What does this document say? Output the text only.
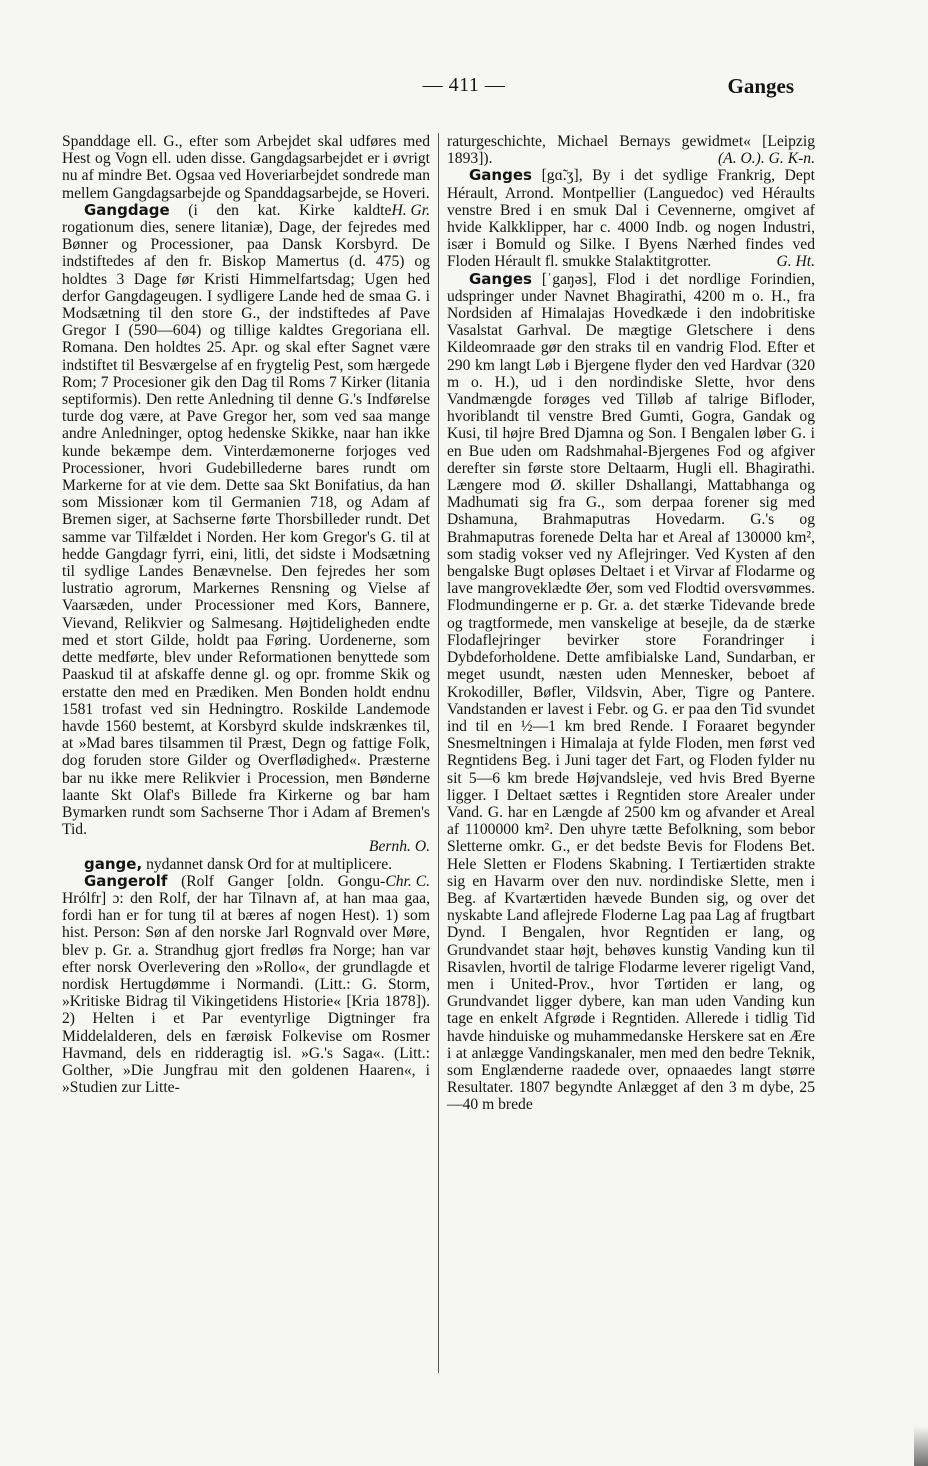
— 411 —	Ganges

Spanddage ell. G., efter som Arbejdet skal udføres med Hest og Vogn ell. uden disse. Gangdagsarbejdet er i øvrigt nu af mindre Bet. Ogsaa ved Hoveriarbejdet sondrede man mellem Gangdagsarbejde og Spanddagsarbejde, se Hoveri.
H. Gr.

Gangdage (i den kat. Kirke kaldte rogationum dies, senere litaniæ), Dage, der fejredes med Bønner og Processioner, paa Dansk Korsbyrd. De indstiftedes af den fr. Biskop Mamertus (d. 475) og holdtes 3 Dage før Kristi Himmelfartsdag; Ugen hed derfor Gangdageugen. I sydligere Lande hed de smaa G. i Modsætning til den store G., der indstiftedes af Pave Gregor I (590—604) og tillige kaldtes Gregoriana ell. Romana. Den holdtes 25. Apr. og skal efter Sagnet være indstiftet til Besværgelse af en frygtelig Pest, som hærgede Rom; 7 Procesioner gik den Dag til Roms 7 Kirker (litania septiformis). Den rette Anledning til denne G.'s Indførelse turde dog være, at Pave Gregor her, som ved saa mange andre Anledninger, optog hedenske Skikke, naar han ikke kunde bekæmpe dem. Vinterdæmonerne forjoges ved Processioner, hvori Gudebillederne bares rundt om Markerne for at vie dem. Dette saa Skt Bonifatius, da han som Missionær kom til Germanien 718, og Adam af Bremen siger, at Sachserne førte Thorsbilleder rundt. Det samme var Tilfældet i Norden. Her kom Gregor's G. til at hedde Gangdagr fyrri, eini, litli, det sidste i Modsætning til sydlige Landes Benævnelse. Den fejredes her som lustratio agrorum, Markernes Rensning og Vielse af Vaarsæden, under Processioner med Kors, Bannere, Vievand, Relikvier og Salmesang. Højtideligheden endte med et stort Gilde, holdt paa Føring. Uordenerne, som dette medførte, blev under Reformationen benyttede som Paaskud til at afskaffe denne gl. og opr. fromme Skik og erstatte den med en Prædiken. Men Bonden holdt endnu 1581 trofast ved sin Hedningtro. Roskilde Landemode havde 1560 bestemt, at Korsbyrd skulde indskrænkes til, at »Mad bares tilsammen til Præst, Degn og fattige Folk, dog foruden store Gilder og Overflødighed«. Præsterne bar nu ikke mere Relikvier i Procession, men Bønderne laante Skt Olaf's Billede fra Kirkerne og bar ham Bymarken rundt som Sachserne Thor i Adam af Bremen's Tid.
Bernh. O.

gange, nydannet dansk Ord for at multiplicere.
Chr. C.

Gangerolf (Rolf Ganger [oldn. Gongu-Hrólfr] ɔ: den Rolf, der har Tilnavn af, at han maa gaa, fordi han er for tung til at bæres af nogen Hest). 1) som hist. Person: Søn af den norske Jarl Rognvald over Møre, blev p. Gr. a. Strandhug gjort fredløs fra Norge; han var efter norsk Overlevering den »Rollo«, der grundlagde et nordisk Hertugdømme i Normandi. (Litt.: G. Storm, »Kritiske Bidrag til Vikingetidens Historie« [Kria 1878]). 2) Helten i et Par eventyrlige Digtninger fra Middelalderen, dels en færøisk Folkevise om Rosmer Havmand, dels en ridderagtig isl. »G.'s Saga«. (Litt.: Golther, »Die Jungfrau mit den goldenen Haaren«, i »Studien zur Litte-

raturgeschichte, Michael Bernays gewidmet« [Leipzig 1893]).	(A. O.). G. K-n.

Ganges [gɑ̃.ʒ], By i det sydlige Frankrig, Dept Hérault, Arrond. Montpellier (Languedoc) ved Héraults venstre Bred i en smuk Dal i Cevennerne, omgivet af hvide Kalkklipper, har c. 4000 Indb. og nogen Industri, især i Bomuld og Silke. I Byens Nærhed findes ved Floden Hérault fl. smukke Stalaktitgrotter.	G. Ht.

Ganges [ˈgaŋəs], Flod i det nordlige Forindien, udspringer under Navnet Bhagirathi, 4200 m o. H., fra Nordsiden af Himalajas Hovedkæde i den indobritiske Vasalstat Garhval. De mægtige Gletschere i dens Kildeomraade gør den straks til en vandrig Flod. Efter et 290 km langt Løb i Bjergene flyder den ved Hardvar (320 m o. H.), ud i den nordindiske Slette, hvor dens Vandmængde forøges ved Tilløb af talrige Bifloder, hvoriblandt til venstre Bred Gumti, Gogra, Gandak og Kusi, til højre Bred Djamna og Son. I Bengalen løber G. i en Bue uden om Radshmahal-Bjergenes Fod og afgiver derefter sin første store Deltaarm, Hugli ell. Bhagirathi. Længere mod Ø. skiller Dshallangi, Mattabhanga og Madhumati sig fra G., som derpaa forener sig med Dshamuna, Brahmaputras Hovedarm. G.'s og Brahmaputras forenede Delta har et Areal af 130000 km², som stadig vokser ved ny Aflejringer. Ved Kysten af den bengalske Bugt opløses Deltaet i et Virvar af Flodarme og lave mangroveklædte Øer, som ved Flodtid oversvømmes. Flodmundingerne er p. Gr. a. det stærke Tidevande brede og tragtformede, men vanskelige at besejle, da de stærke Flodaflejringer bevirker store Forandringer i Dybdeforholdene. Dette amfibialske Land, Sundarban, er meget usundt, næsten uden Mennesker, beboet af Krokodiller, Bøfler, Vildsvin, Aber, Tigre og Pantere. Vandstanden er lavest i Febr. og G. er paa den Tid svundet ind til en ½—1 km bred Rende. I Foraaret begynder Snesmeltningen i Himalaja at fylde Floden, men først ved Regntidens Beg. i Juni tager det Fart, og Floden fylder nu sit 5—6 km brede Højvandsleje, ved hvis Bred Byerne ligger. I Deltaet sættes i Regntiden store Arealer under Vand. G. har en Længde af 2500 km og afvander et Areal af 1100000 km². Den uhyre tætte Befolkning, som bebor Sletterne omkr. G., er det bedste Bevis for Flodens Bet. Hele Sletten er Flodens Skabning. I Tertiærtiden strakte sig en Havarm over den nuv. nordindiske Slette, men i Beg. af Kvartærtiden hævede Bunden sig, og over det nyskabte Land aflejrede Floderne Lag paa Lag af frugtbart Dynd. I Bengalen, hvor Regntiden er lang, og Grundvandet staar højt, behøves kunstig Vanding kun til Risavlen, hvortil de talrige Flodarme leverer rigeligt Vand, men i United-Prov., hvor Tørtiden er lang, og Grundvandet ligger dybere, kan man uden Vanding kun tage en enkelt Afgrøde i Regntiden. Allerede i tidlig Tid havde hinduiske og muhammedanske Herskere sat en Ære i at anlægge Vandingskanaler, men med den bedre Teknik, som Englænderne raadede over, opnaaedes langt større Resultater. 1807 begyndte Anlægget af den 3 m dybe, 25—40 m brede
